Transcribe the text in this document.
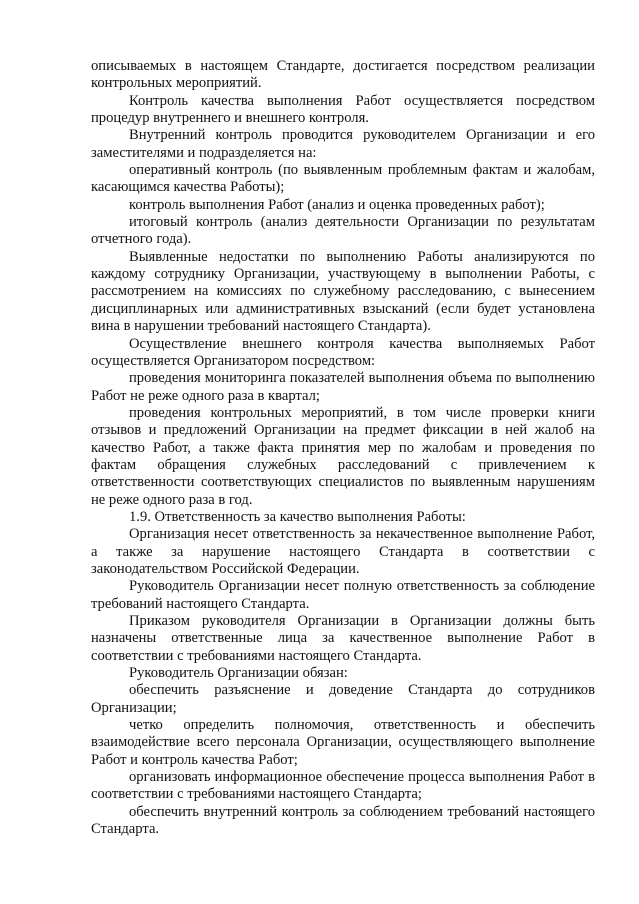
описываемых в настоящем Стандарте, достигается посредством реализации контрольных мероприятий.

Контроль качества выполнения Работ осуществляется посредством процедур внутреннего и внешнего контроля.

Внутренний контроль проводится руководителем Организации и его заместителями и подразделяется на:

оперативный контроль (по выявленным проблемным фактам и жалобам, касающимся качества Работы);

контроль выполнения Работ (анализ и оценка проведенных работ);

итоговый контроль (анализ деятельности Организации по результатам отчетного года).

Выявленные недостатки по выполнению Работы анализируются по каждому сотруднику Организации, участвующему в выполнении Работы, с рассмотрением на комиссиях по служебному расследованию, с вынесением дисциплинарных или административных взысканий (если будет установлена вина в нарушении требований настоящего Стандарта).

Осуществление внешнего контроля качества выполняемых Работ осуществляется Организатором посредством:

проведения мониторинга показателей выполнения объема по выполнению Работ не реже одного раза в квартал;

проведения контрольных мероприятий, в том числе проверки книги отзывов и предложений Организации на предмет фиксации в ней жалоб на качество Работ, а также факта принятия мер по жалобам и проведения по фактам обращения служебных расследований с привлечением к ответственности соответствующих специалистов по выявленным нарушениям не реже одного раза в год.

1.9. Ответственность за качество выполнения Работы:

Организация несет ответственность за некачественное выполнение Работ, а также за нарушение настоящего Стандарта в соответствии с законодательством Российской Федерации.

Руководитель Организации несет полную ответственность за соблюдение требований настоящего Стандарта.

Приказом руководителя Организации в Организации должны быть назначены ответственные лица за качественное выполнение Работ в соответствии с требованиями настоящего Стандарта.

Руководитель Организации обязан:

обеспечить разъяснение и доведение Стандарта до сотрудников Организации;

четко определить полномочия, ответственность и обеспечить взаимодействие всего персонала Организации, осуществляющего выполнение Работ и контроль качества Работ;

организовать информационное обеспечение процесса выполнения Работ в соответствии с требованиями настоящего Стандарта;

обеспечить внутренний контроль за соблюдением требований настоящего Стандарта.
